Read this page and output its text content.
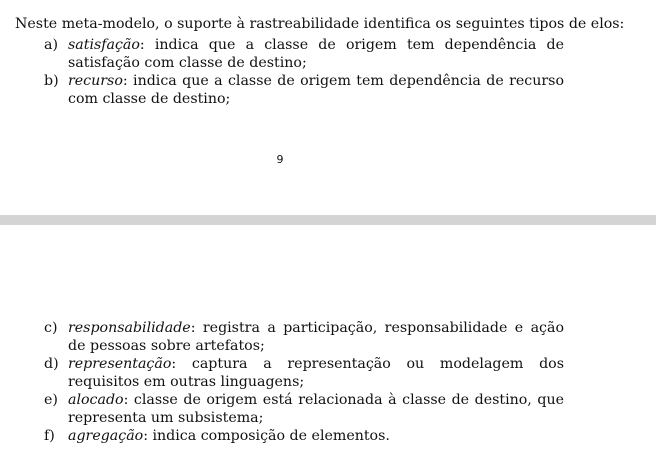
Neste meta-modelo, o suporte à rastreabilidade identifica os seguintes tipos de elos:
a) satisfação: indica que a classe de origem tem dependência de satisfação com classe de destino;
b) recurso: indica que a classe de origem tem dependência de recurso com classe de destino;
9
c) responsabilidade: registra a participação, responsabilidade e ação de pessoas sobre artefatos;
d) representação: captura a representação ou modelagem dos requisitos em outras linguagens;
e) alocado: classe de origem está relacionada à classe de destino, que representa um subsistema;
f) agregação: indica composição de elementos.
